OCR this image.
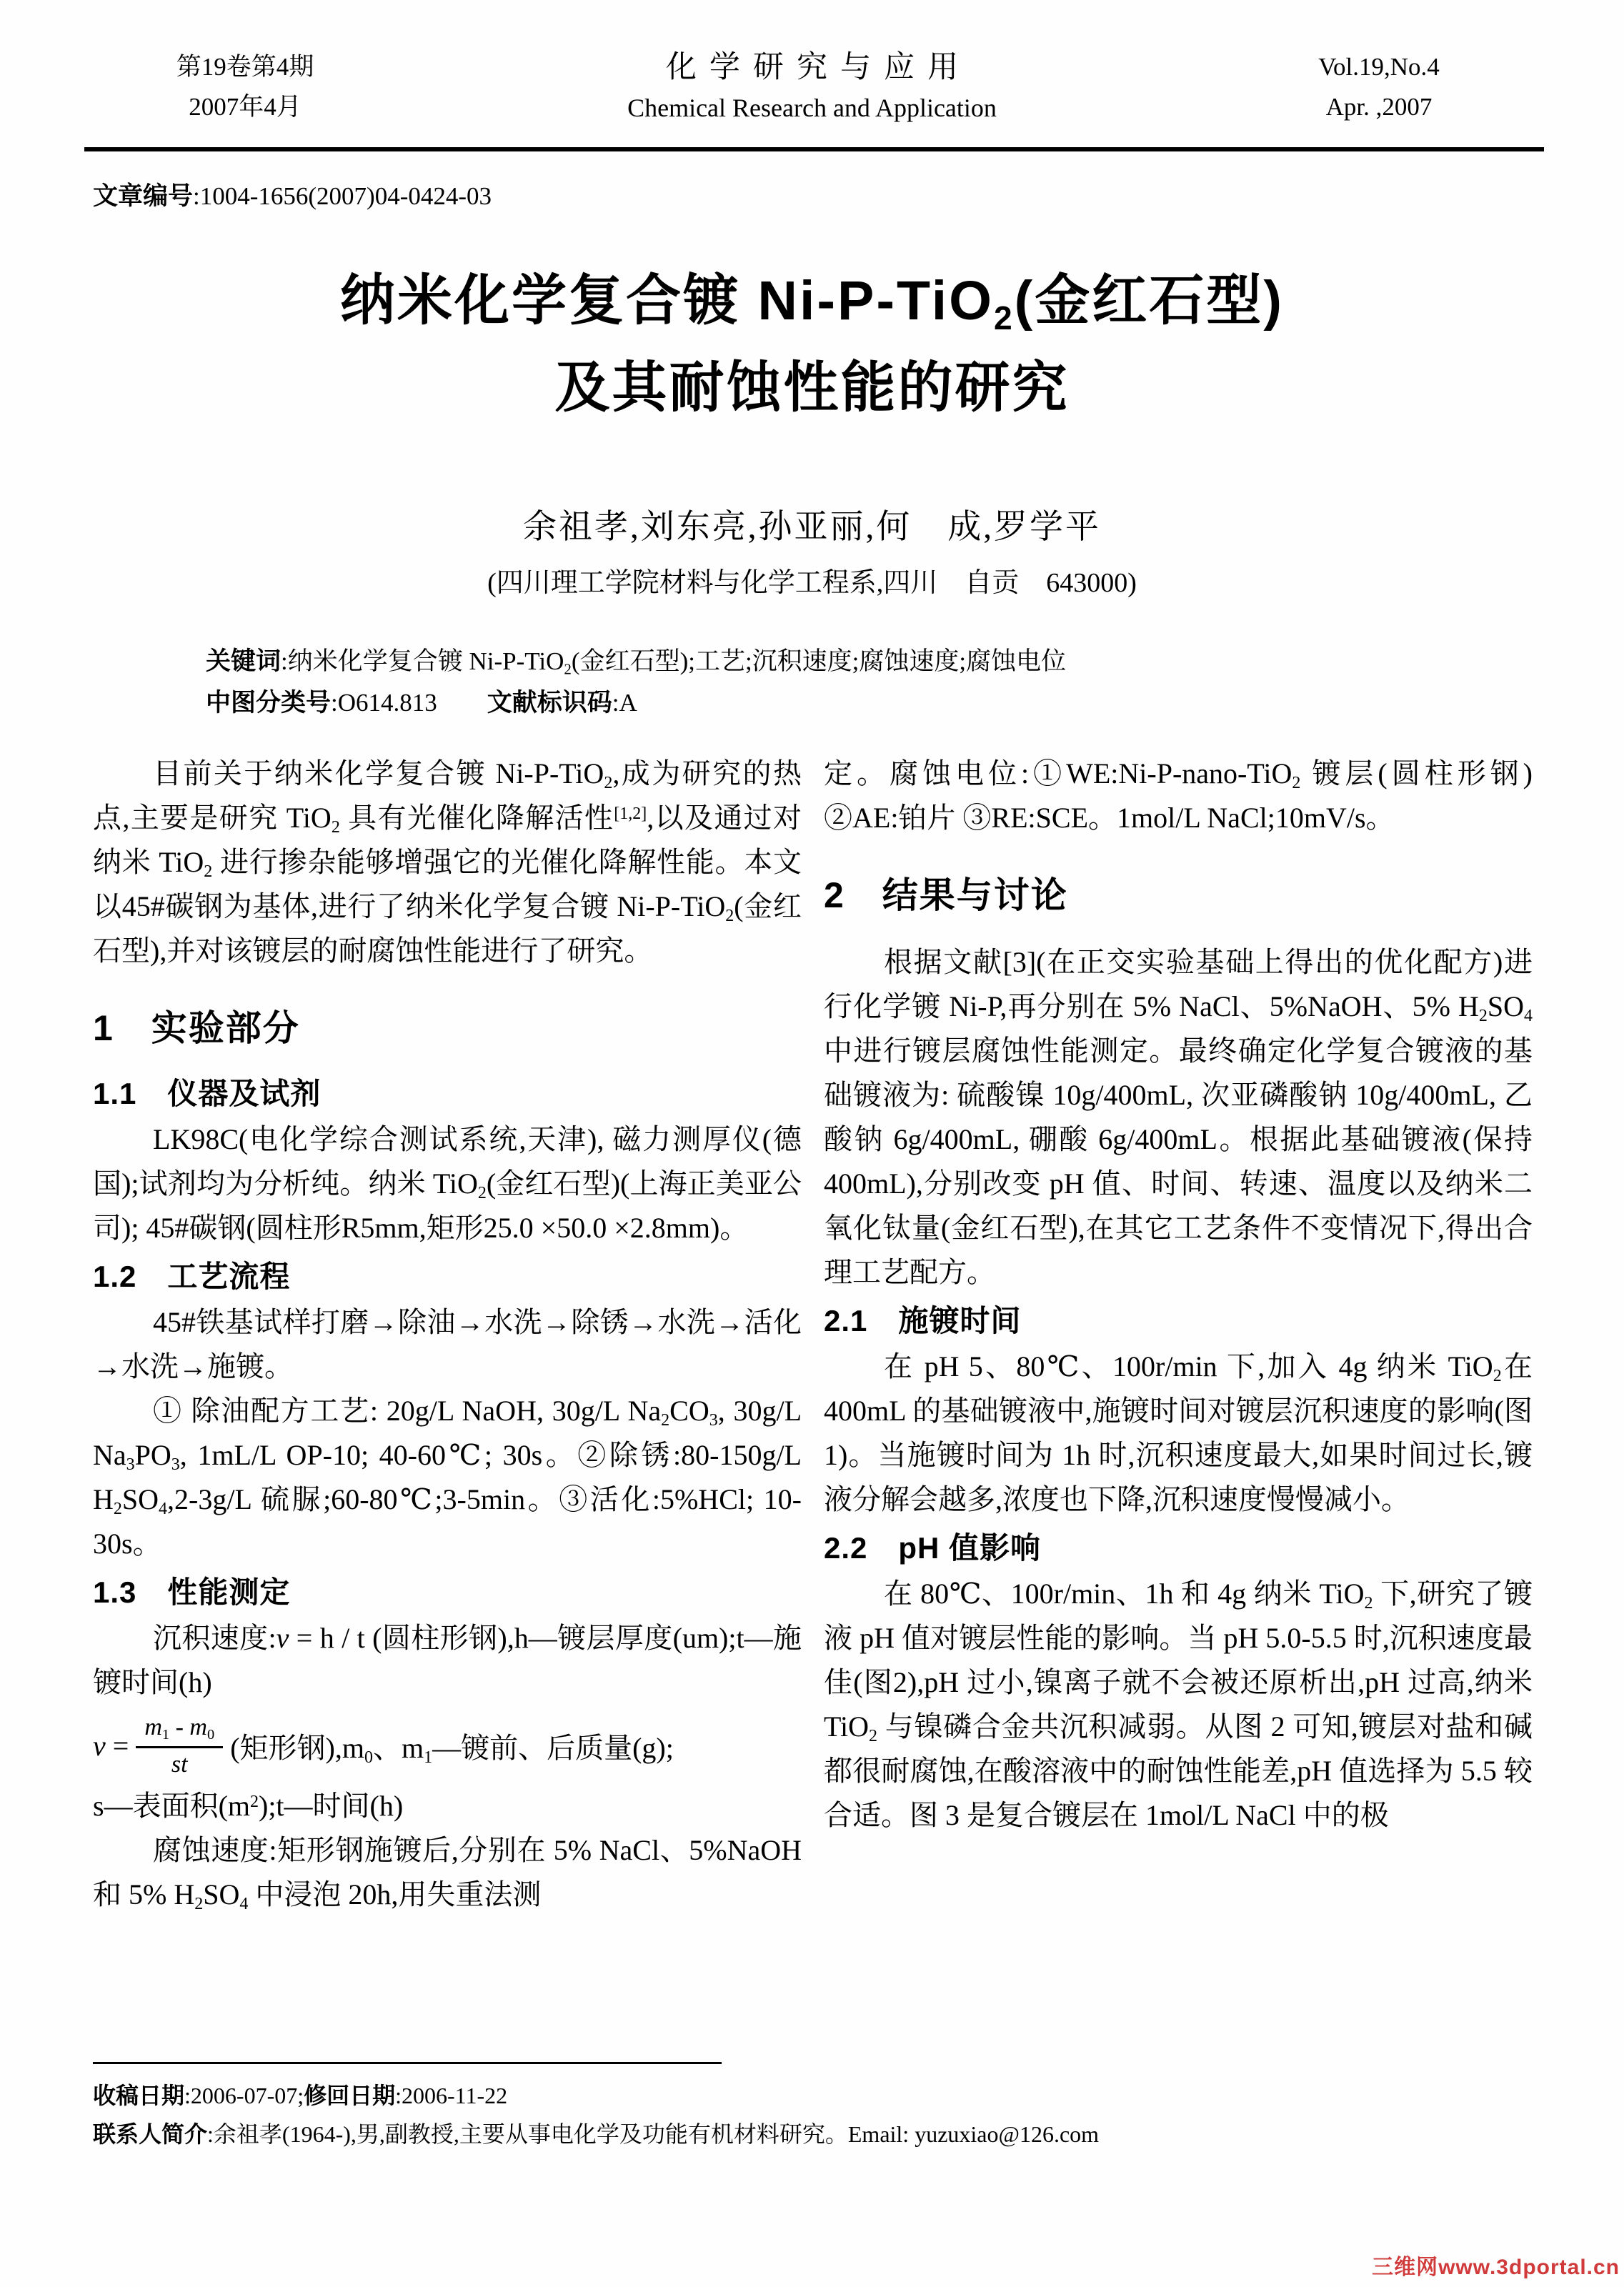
第19卷第4期
2007年4月
化学研究与应用
Chemical Research and Application
Vol.19,No.4
Apr. ,2007
文章编号:1004-1656(2007)04-0424-03
纳米化学复合镀 Ni-P-TiO$_2$(金红石型)
及其耐蚀性能的研究
余祖孝,刘东亮,孙亚丽,何　成,罗学平
(四川理工学院材料与化学工程系,四川　自贡　643000)
关键词:纳米化学复合镀 Ni-P-TiO$_2$(金红石型);工艺;沉积速度;腐蚀速度;腐蚀电位
中图分类号:O614.813　　 文献标识码:A

目前关于纳米化学复合镀 Ni-P-TiO$_2$,成为研究的热点,主要是研究 TiO$_2$ 具有光催化降解活性[1,2],以及通过对纳米 TiO$_2$ 进行掺杂能够增强它的光催化降解性能。本文以45#碳钢为基体,进行了纳米化学复合镀 Ni-P-TiO$_2$(金红石型),并对该镀层的耐腐蚀性能进行了研究。

1　实验部分
1.1　仪器及试剂

LK98C(电化学综合测试系统,天津), 磁力测厚仪(德国);试剂均为分析纯。纳米 TiO$_2$(金红石型)(上海正美亚公司); 45#碳钢(圆柱形R5mm,矩形25.0 ×50.0 ×2.8mm)。

1.2　工艺流程

45#铁基试样打磨→除油→水洗→除锈→水洗→活化→水洗→施镀。

① 除油配方工艺: 20g/L NaOH, 30g/L $Na_2CO_3$, 30g/L $Na_3PO_3$, 1mL/L OP-10; 40-60℃; 30s。②除锈:80-150g/L $H_2SO_4,2-3g/L$ 硫脲;60-80℃;3-5min。③活化:5%HCl; 10-30s。

1.3　性能测定

沉积速度:v = h / t (圆柱形钢),h—镀层厚度(um);t—施镀时间(h)

$v = \frac{m_1 - m_0}{st}$ (矩形钢)$,m_0$、$m_1—$镀前、后质量(g);

s—表面积$(m^2);t—$时间(h)

腐蚀速度:矩形钢施镀后,分别在 5% NaCl、5%NaOH 和 5% $H_2SO_4$ 中浸泡 20h,用失重法测

定。腐蚀电位:①WE:Ni-P-nano-TiO$_2$ 镀层(圆柱形钢) ②AE:铂片 ③RE:SCE。1mol/L NaCl;10mV/s。

2　结果与讨论

根据文献[3](在正交实验基础上得出的优化配方)进行化学镀 Ni-P,再分别在 5% NaCl、5%NaOH、5% $H_2SO_4$ 中进行镀层腐蚀性能测定。最终确定化学复合镀液的基础镀液为: 硫酸镍 10g/400mL, 次亚磷酸钠 10g/400mL, 乙酸钠 6g/400mL, 硼酸 6g/400mL。根据此基础镀液(保持400mL),分别改变 pH 值、时间、转速、温度以及纳米二氧化钛量(金红石型),在其它工艺条件不变情况下,得出合理工艺配方。

2.1　施镀时间

在 pH 5、80℃、100r/min 下,加入 4g 纳米 TiO$_2$在 400mL 的基础镀液中,施镀时间对镀层沉积速度的影响(图1)。当施镀时间为 1h 时,沉积速度最大,如果时间过长,镀液分解会越多,浓度也下降,沉积速度慢慢减小。

2.2　pH 值影响

在 80℃、100r/min、1h 和 4g 纳米 TiO$_2$ 下,研究了镀液 pH 值对镀层性能的影响。当 pH 5.0-5.5 时,沉积速度最佳(图2),pH 过小,镍离子就不会被还原析出,pH 过高,纳米 TiO$_2$ 与镍磷合金共沉积减弱。从图 2 可知,镀层对盐和碱都很耐腐蚀,在酸溶液中的耐蚀性能差,pH 值选择为 5.5 较合适。图 3 是复合镀层在 1mol/L NaCl 中的极

收稿日期:2006-07-07;修回日期:2006-11-22
联系人简介:余祖孝(1964-),男,副教授,主要从事电化学及功能有机材料研究。Email: yuzuxiao@126.com
三维网www.3dportal.cn
